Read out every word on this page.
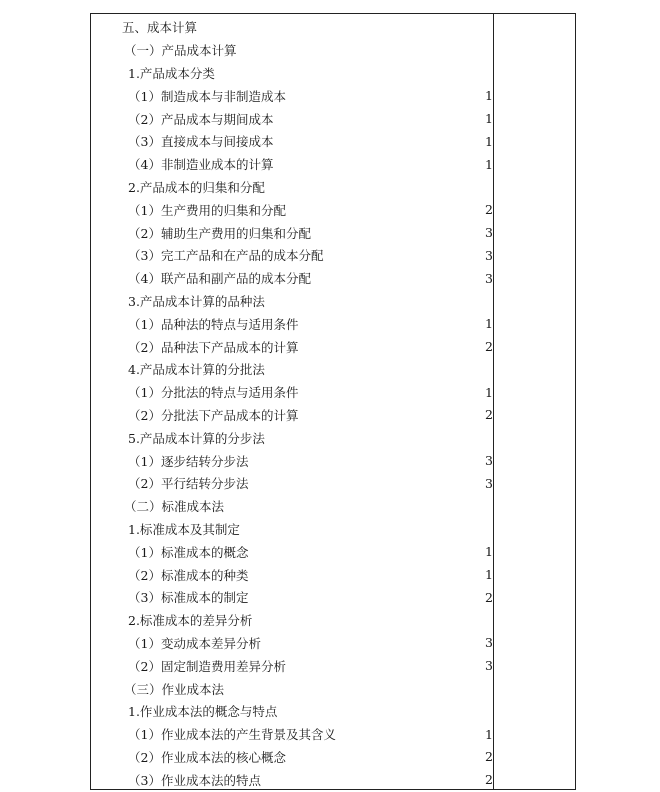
五、成本计算
（一）产品成本计算
1.产品成本分类
（1）制造成本与非制造成本	1
（2）产品成本与期间成本	1
（3）直接成本与间接成本	1
（4）非制造业成本的计算	1
2.产品成本的归集和分配
（1）生产费用的归集和分配	2
（2）辅助生产费用的归集和分配	3
（3）完工产品和在产品的成本分配	3
（4）联产品和副产品的成本分配	3
3.产品成本计算的品种法
（1）品种法的特点与适用条件	1
（2）品种法下产品成本的计算	2
4.产品成本计算的分批法
（1）分批法的特点与适用条件	1
（2）分批法下产品成本的计算	2
5.产品成本计算的分步法
（1）逐步结转分步法	3
（2）平行结转分步法	3
（二）标准成本法
1.标准成本及其制定
（1）标准成本的概念	1
（2）标准成本的种类	1
（3）标准成本的制定	2
2.标准成本的差异分析
（1）变动成本差异分析	3
（2）固定制造费用差异分析	3
（三）作业成本法
1.作业成本法的概念与特点
（1）作业成本法的产生背景及其含义	1
（2）作业成本法的核心概念	2
（3）作业成本法的特点	2
